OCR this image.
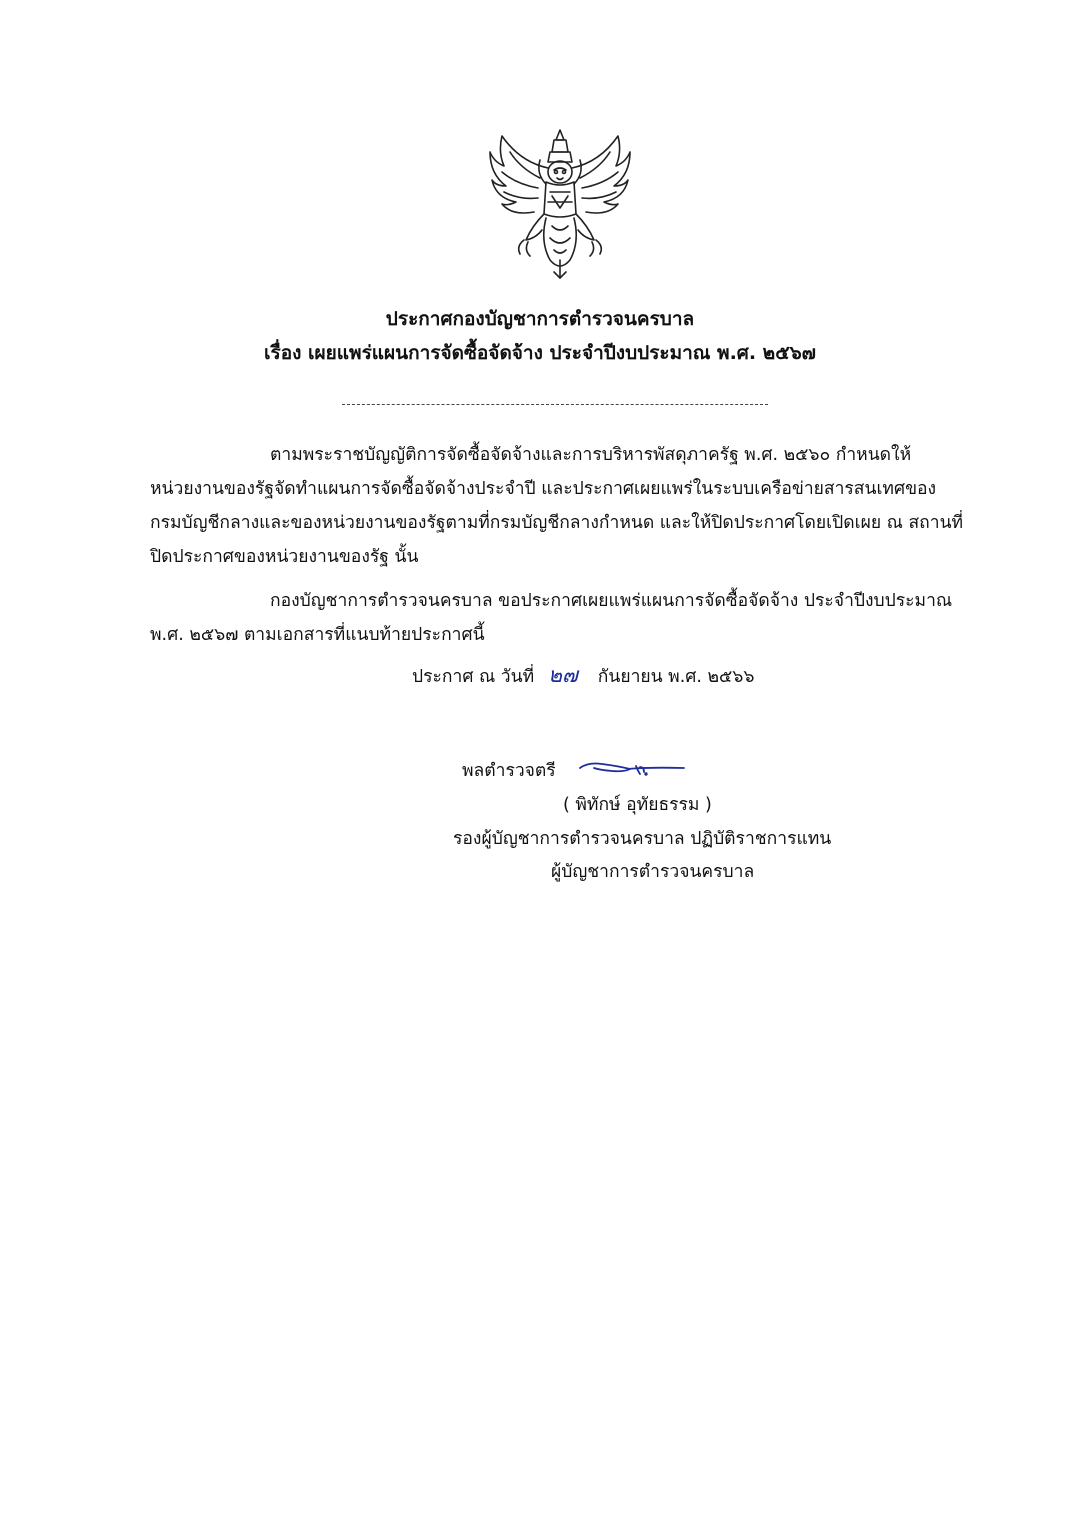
ประกาศกองบัญชาการตำรวจนครบาล
เรื่อง เผยแพร่แผนการจัดซื้อจัดจ้าง ประจำปีงบประมาณ พ.ศ. ๒๕๖๗
ตามพระราชบัญญัติการจัดซื้อจัดจ้างและการบริหารพัสดุภาครัฐ พ.ศ. ๒๕๖๐ กำหนดให้
หน่วยงานของรัฐจัดทำแผนการจัดซื้อจัดจ้างประจำปี และประกาศเผยแพร่ในระบบเครือข่ายสารสนเทศของ
กรมบัญชีกลางและของหน่วยงานของรัฐตามที่กรมบัญชีกลางกำหนด และให้ปิดประกาศโดยเปิดเผย ณ สถานที่
ปิดประกาศของหน่วยงานของรัฐ นั้น
กองบัญชาการตำรวจนครบาล ขอประกาศเผยแพร่แผนการจัดซื้อจัดจ้าง ประจำปีงบประมาณ
พ.ศ. ๒๕๖๗ ตามเอกสารที่แนบท้ายประกาศนี้
ประกาศ ณ วันที่ ๒๗ กันยายน พ.ศ. ๒๕๖๖
พลตำรวจตรี
( พิทักษ์ อุทัยธรรม )
รองผู้บัญชาการตำรวจนครบาล ปฏิบัติราชการแทน
ผู้บัญชาการตำรวจนครบาล
